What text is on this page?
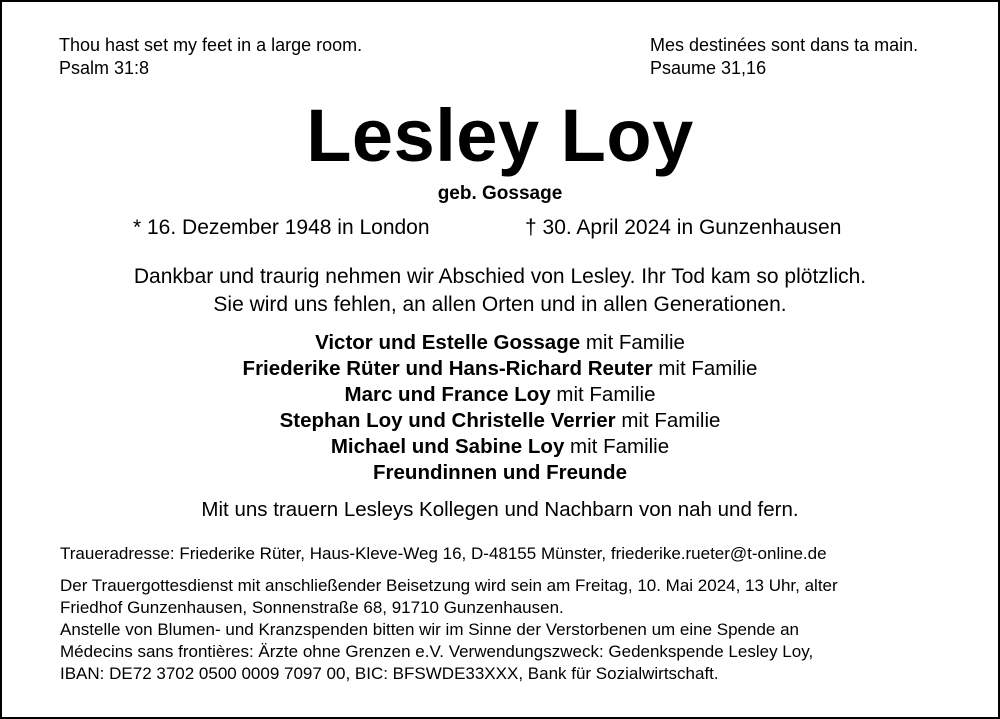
Thou hast set my feet in a large room.
Psalm 31:8
Mes destinées sont dans ta main.
Psaume 31,16
Lesley Loy
geb. Gossage
* 16. Dezember 1948 in London	† 30. April 2024 in Gunzenhausen
Dankbar und traurig nehmen wir Abschied von Lesley. Ihr Tod kam so plötzlich.
Sie wird uns fehlen, an allen Orten und in allen Generationen.
Victor und Estelle Gossage mit Familie
Friederike Rüter und Hans-Richard Reuter mit Familie
Marc und France Loy mit Familie
Stephan Loy und Christelle Verrier mit Familie
Michael und Sabine Loy mit Familie
Freundinnen und Freunde
Mit uns trauern Lesleys Kollegen und Nachbarn von nah und fern.
Traueradresse: Friederike Rüter, Haus-Kleve-Weg 16, D-48155 Münster, friederike.rueter@t-online.de
Der Trauergottesdienst mit anschließender Beisetzung wird sein am Freitag, 10. Mai 2024, 13 Uhr, alter
Friedhof Gunzenhausen, Sonnenstraße 68, 91710 Gunzenhausen.
Anstelle von Blumen- und Kranzspenden bitten wir im Sinne der Verstorbenen um eine Spende an
Médecins sans frontières: Ärzte ohne Grenzen e.V. Verwendungszweck: Gedenkspende Lesley Loy,
IBAN: DE72 3702 0500 0009 7097 00, BIC: BFSWDE33XXX, Bank für Sozialwirtschaft.
